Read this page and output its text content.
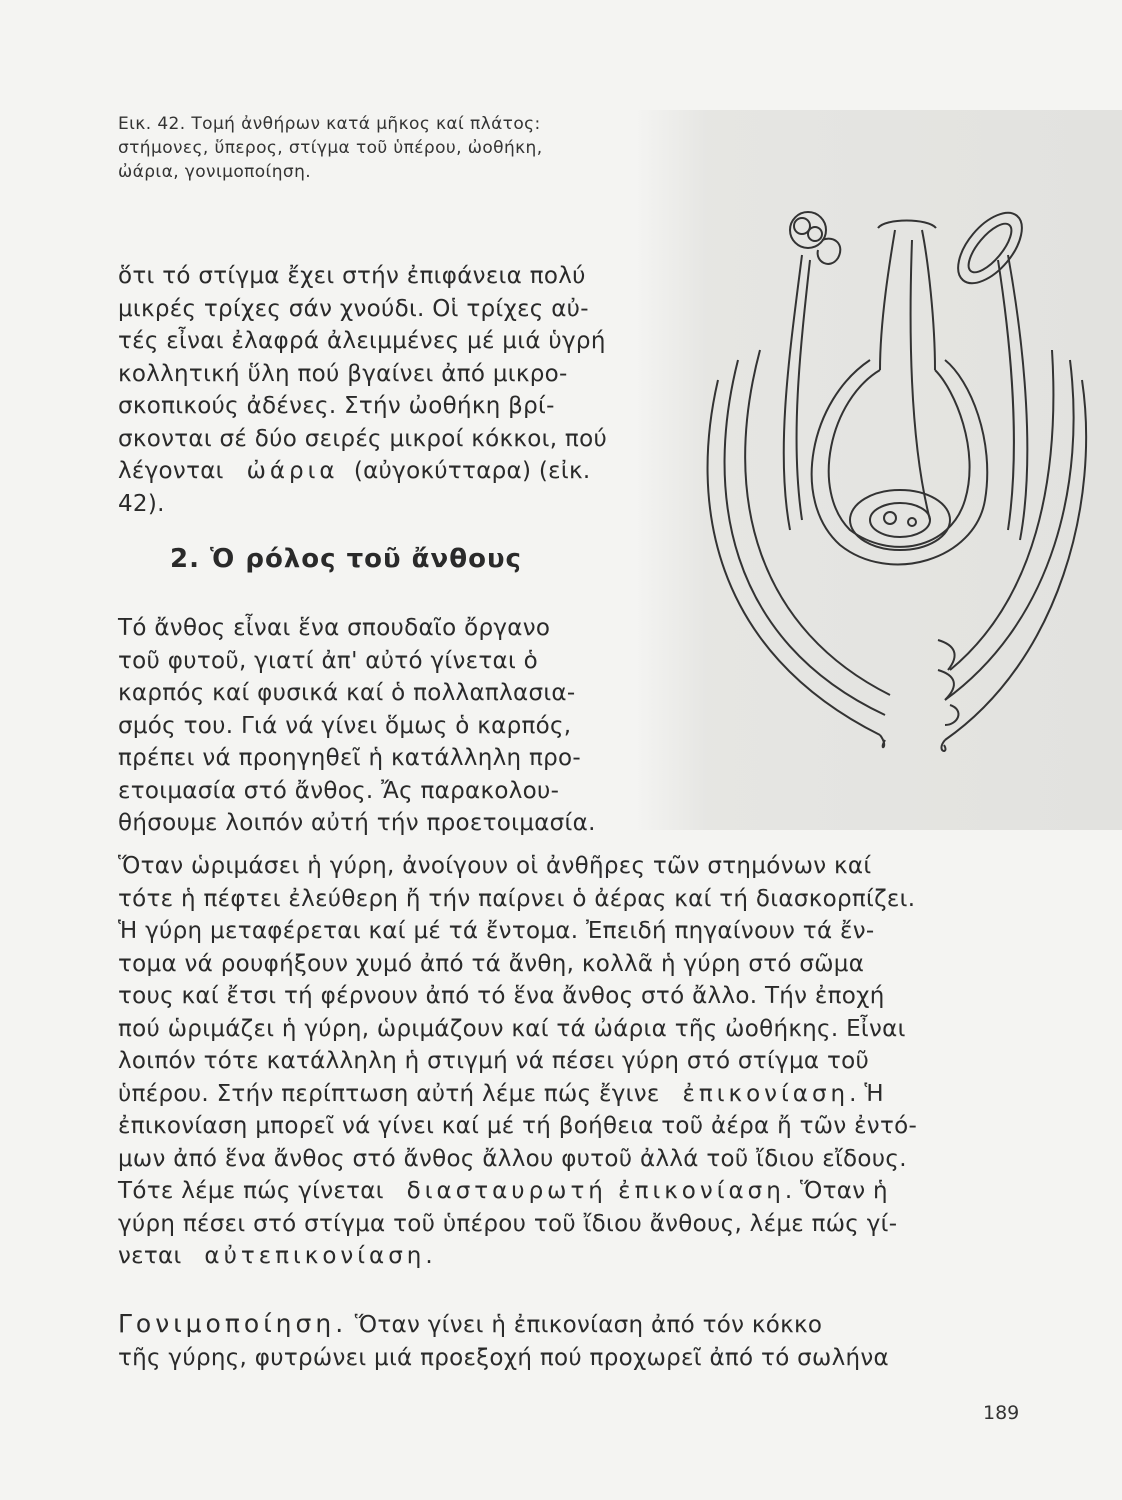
Εικ. 42. Τομή ἀνθήρων κατά μῆκος καί πλάτος:

στήμονες, ὕπερος, στίγμα τοῦ ὑπέρου, ὠοθήκη,

ὠάρια, γονιμοποίηση.

ὅτι τό στίγμα ἔχει στήν ἐπιφάνεια πολύ

μικρές τρίχες σάν χνούδι. Οἱ τρίχες αὐ-

τές εἶναι ἐλαφρά ἀλειμμένες μέ μιά ὑγρή

κολλητική ὕλη πού βγαίνει ἀπό μικρο-

σκοπικούς ἀδένες. Στήν ὠοθήκη βρί-

σκονται σέ δύο σειρές μικροί κόκκοι, πού

λέγονται ὠάρια (αὐγοκύτταρα) (εἰκ.

42).

2. Ὁ ρόλος τοῦ ἄνθους

Τό ἄνθος εἶναι ἕνα σπουδαῖο ὄργανο

τοῦ φυτοῦ, γιατί ἀπ' αὐτό γίνεται ὁ

καρπός καί φυσικά καί ὁ πολλαπλασια-

σμός του. Γιά νά γίνει ὅμως ὁ καρπός,

πρέπει νά προηγηθεῖ ἡ κατάλληλη προ-

ετοιμασία στό ἄνθος. Ἄς παρακολου-

θήσουμε λοιπόν αὐτή τήν προετοιμασία.

Ὅταν ὡριμάσει ἡ γύρη, ἀνοίγουν οἱ ἀνθῆρες τῶν στημόνων καί

τότε ἡ πέφτει ἐλεύθερη ἤ τήν παίρνει ὁ ἀέρας καί τή διασκορπίζει.

Ἡ γύρη μεταφέρεται καί μέ τά ἔντομα. Ἐπειδή πηγαίνουν τά ἔν-

τομα νά ρουφήξουν χυμό ἀπό τά ἄνθη, κολλᾶ ἡ γύρη στό σῶμα

τους καί ἔτσι τή φέρνουν ἀπό τό ἕνα ἄνθος στό ἄλλο. Τήν ἐποχή

πού ὡριμάζει ἡ γύρη, ὡριμάζουν καί τά ὠάρια τῆς ὠοθήκης. Εἶναι

λοιπόν τότε κατάλληλη ἡ στιγμή νά πέσει γύρη στό στίγμα τοῦ

ὑπέρου. Στήν περίπτωση αὐτή λέμε πώς ἔγινε ἐπικονίαση. Ἡ

ἐπικονίαση μπορεῖ νά γίνει καί μέ τή βοήθεια τοῦ ἀέρα ἤ τῶν ἐντό-

μων ἀπό ἕνα ἄνθος στό ἄνθος ἄλλου φυτοῦ ἀλλά τοῦ ἴδιου εἴδους.

Τότε λέμε πώς γίνεται διασταυρωτή ἐπικονίαση. Ὅταν ἡ

γύρη πέσει στό στίγμα τοῦ ὑπέρου τοῦ ἴδιου ἄνθους, λέμε πώς γί-

νεται αὐτεπικονίαση.

Γονιμοποίηση. Ὅταν γίνει ἡ ἐπικονίαση ἀπό τόν κόκκο

τῆς γύρης, φυτρώνει μιά προεξοχή πού προχωρεῖ ἀπό τό σωλήνα

189
